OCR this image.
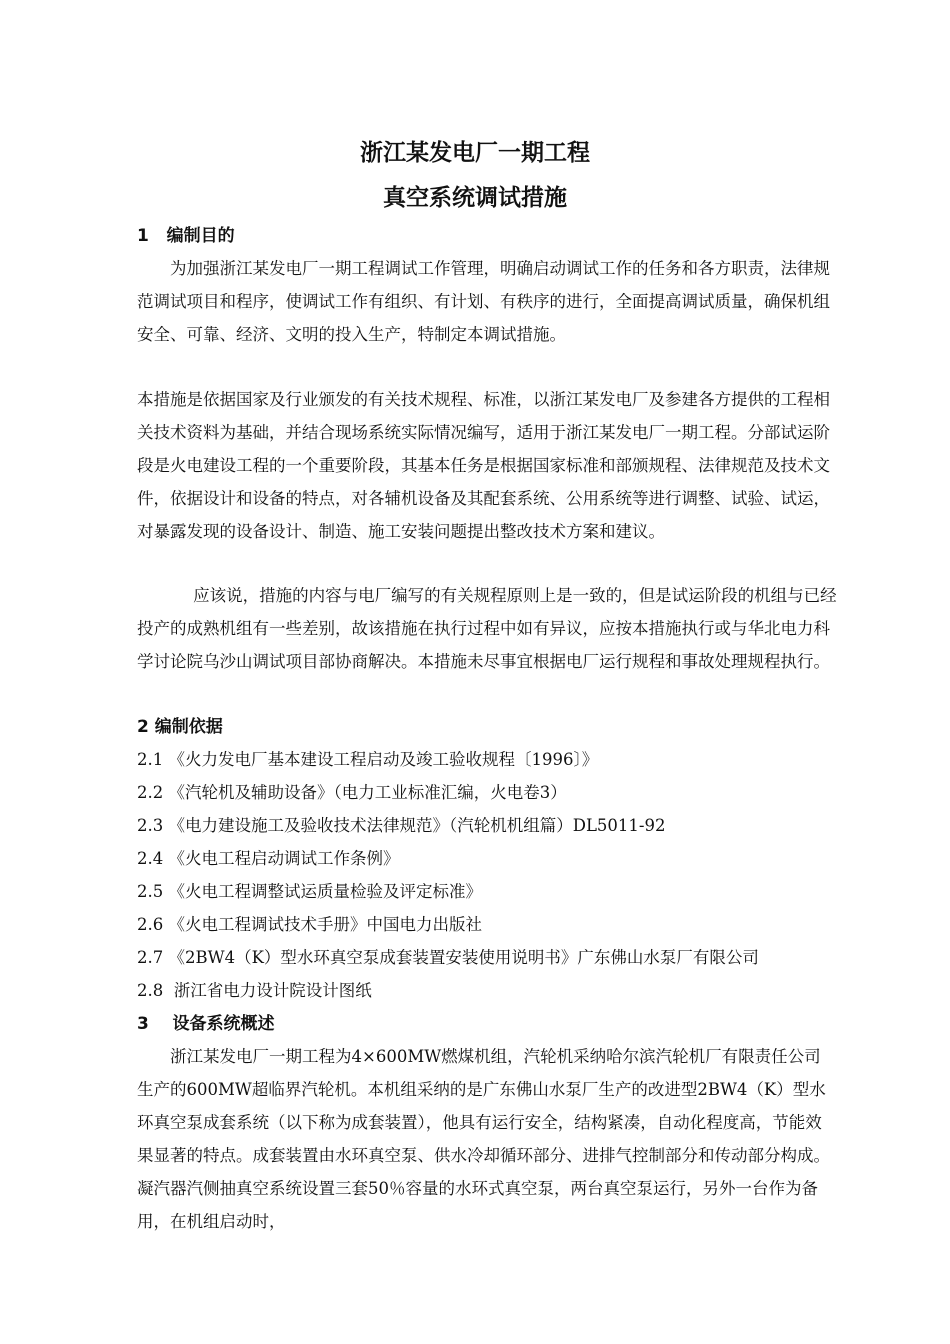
浙江某发电厂一期工程
真空系统调试措施
1   编制目的

为加强浙江某发电厂一期工程调试工作管理，明确启动调试工作的任务和各方职责，法律规范调试项目和程序，使调试工作有组织、有计划、有秩序的进行，全面提高调试质量，确保机组安全、可靠、经济、文明的投入生产，特制定本调试措施。

本措施是依据国家及行业颁发的有关技术规程、标准，以浙江某发电厂及参建各方提供的工程相关技术资料为基础，并结合现场系统实际情况编写，适用于浙江某发电厂一期工程。分部试运阶段是火电建设工程的一个重要阶段，其基本任务是根据国家标准和部颁规程、法律规范及技术文件，依据设计和设备的特点，对各辅机设备及其配套系统、公用系统等进行调整、试验、试运，对暴露发现的设备设计、制造、施工安装问题提出整改技术方案和建议。

应该说，措施的内容与电厂编写的有关规程原则上是一致的，但是试运阶段的机组与已经投产的成熟机组有一些差别，故该措施在执行过程中如有异议，应按本措施执行或与华北电力科学讨论院乌沙山调试项目部协商解决。本措施未尽事宜根据电厂运行规程和事故处理规程执行。

2 编制依据
2.1 《火力发电厂基本建设工程启动及竣工验收规程〔1996〕》
2.2 《汽轮机及辅助设备》（电力工业标准汇编，火电卷3）
2.3 《电力建设施工及验收技术法律规范》（汽轮机机组篇）DL5011-92
2.4 《火电工程启动调试工作条例》
2.5 《火电工程调整试运质量检验及评定标准》
2.6 《火电工程调试技术手册》中国电力出版社
2.7 《2BW4（K）型水环真空泵成套装置安装使用说明书》广东佛山水泵厂有限公司
2.8  浙江省电力设计院设计图纸
3    设备系统概述

浙江某发电厂一期工程为4×600MW燃煤机组，汽轮机采纳哈尔滨汽轮机厂有限责任公司生产的600MW超临界汽轮机。本机组采纳的是广东佛山水泵厂生产的改进型2BW4（K）型水环真空泵成套系统（以下称为成套装置），他具有运行安全，结构紧凑，自动化程度高，节能效果显著的特点。成套装置由水环真空泵、供水冷却循环部分、进排气控制部分和传动部分构成。凝汽器汽侧抽真空系统设置三套50％容量的水环式真空泵，两台真空泵运行，另外一台作为备用，在机组启动时，
